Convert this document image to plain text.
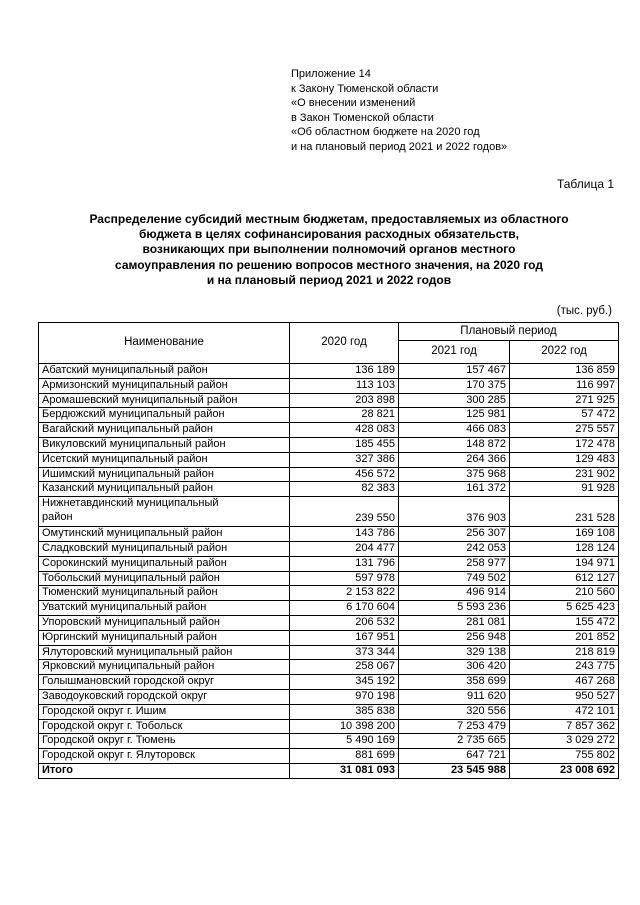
Приложение 14
к Закону Тюменской области
«О внесении изменений
в Закон Тюменской области
«Об областном бюджете на 2020 год
и на плановый период 2021 и 2022 годов»
Таблица 1
Распределение субсидий местным бюджетам, предоставляемых из областного
бюджета в целях софинансирования расходных обязательств,
возникающих при выполнении полномочий органов местного
самоуправления по решению вопросов местного значения, на 2020 год
и на плановый период 2021 и 2022 годов
(тыс. руб.)
Наименование	2020 год	Плановый период	
		2021 год	2022 год
Абатский муниципальный район	136 189	157 467	136 859
Армизонский муниципальный район	113 103	170 375	116 997
Аромашевский муниципальный район	203 898	300 285	271 925
Бердюжский муниципальный район	28 821	125 981	57 472
Вагайский муниципальный район	428 083	466 083	275 557
Викуловский муниципальный район	185 455	148 872	172 478
Исетский муниципальный район	327 386	264 366	129 483
Ишимский муниципальный район	456 572	375 968	231 902
Казанский муниципальный район	82 383	161 372	91 928

Нижнетавдинский муниципальный
район	239 550	376 903	231 528
Омутинский муниципальный район	143 786	256 307	169 108
Сладковский муниципальный район	204 477	242 053	128 124
Сорокинский муниципальный район	131 796	258 977	194 971
Тобольский муниципальный район	597 978	749 502	612 127
Тюменский муниципальный район	2 153 822	496 914	210 560
Уватский муниципальный район	6 170 604	5 593 236	5 625 423
Упоровский муниципальный район	206 532	281 081	155 472
Юргинский муниципальный район	167 951	256 948	201 852
Ялуторовский муниципальный район	373 344	329 138	218 819
Ярковский муниципальный район	258 067	306 420	243 775
Голышмановский городской округ	345 192	358 699	467 268
Заводоуковский городской округ	970 198	911 620	950 527
Городской округ г. Ишим	385 838	320 556	472 101
Городской округ г. Тобольск	10 398 200	7 253 479	7 857 362
Городской округ г. Тюмень	5 490 169	2 735 665	3 029 272
Городской округ г. Ялуторовск	881 699	647 721	755 802
Итого	31 081 093	23 545 988	23 008 692
